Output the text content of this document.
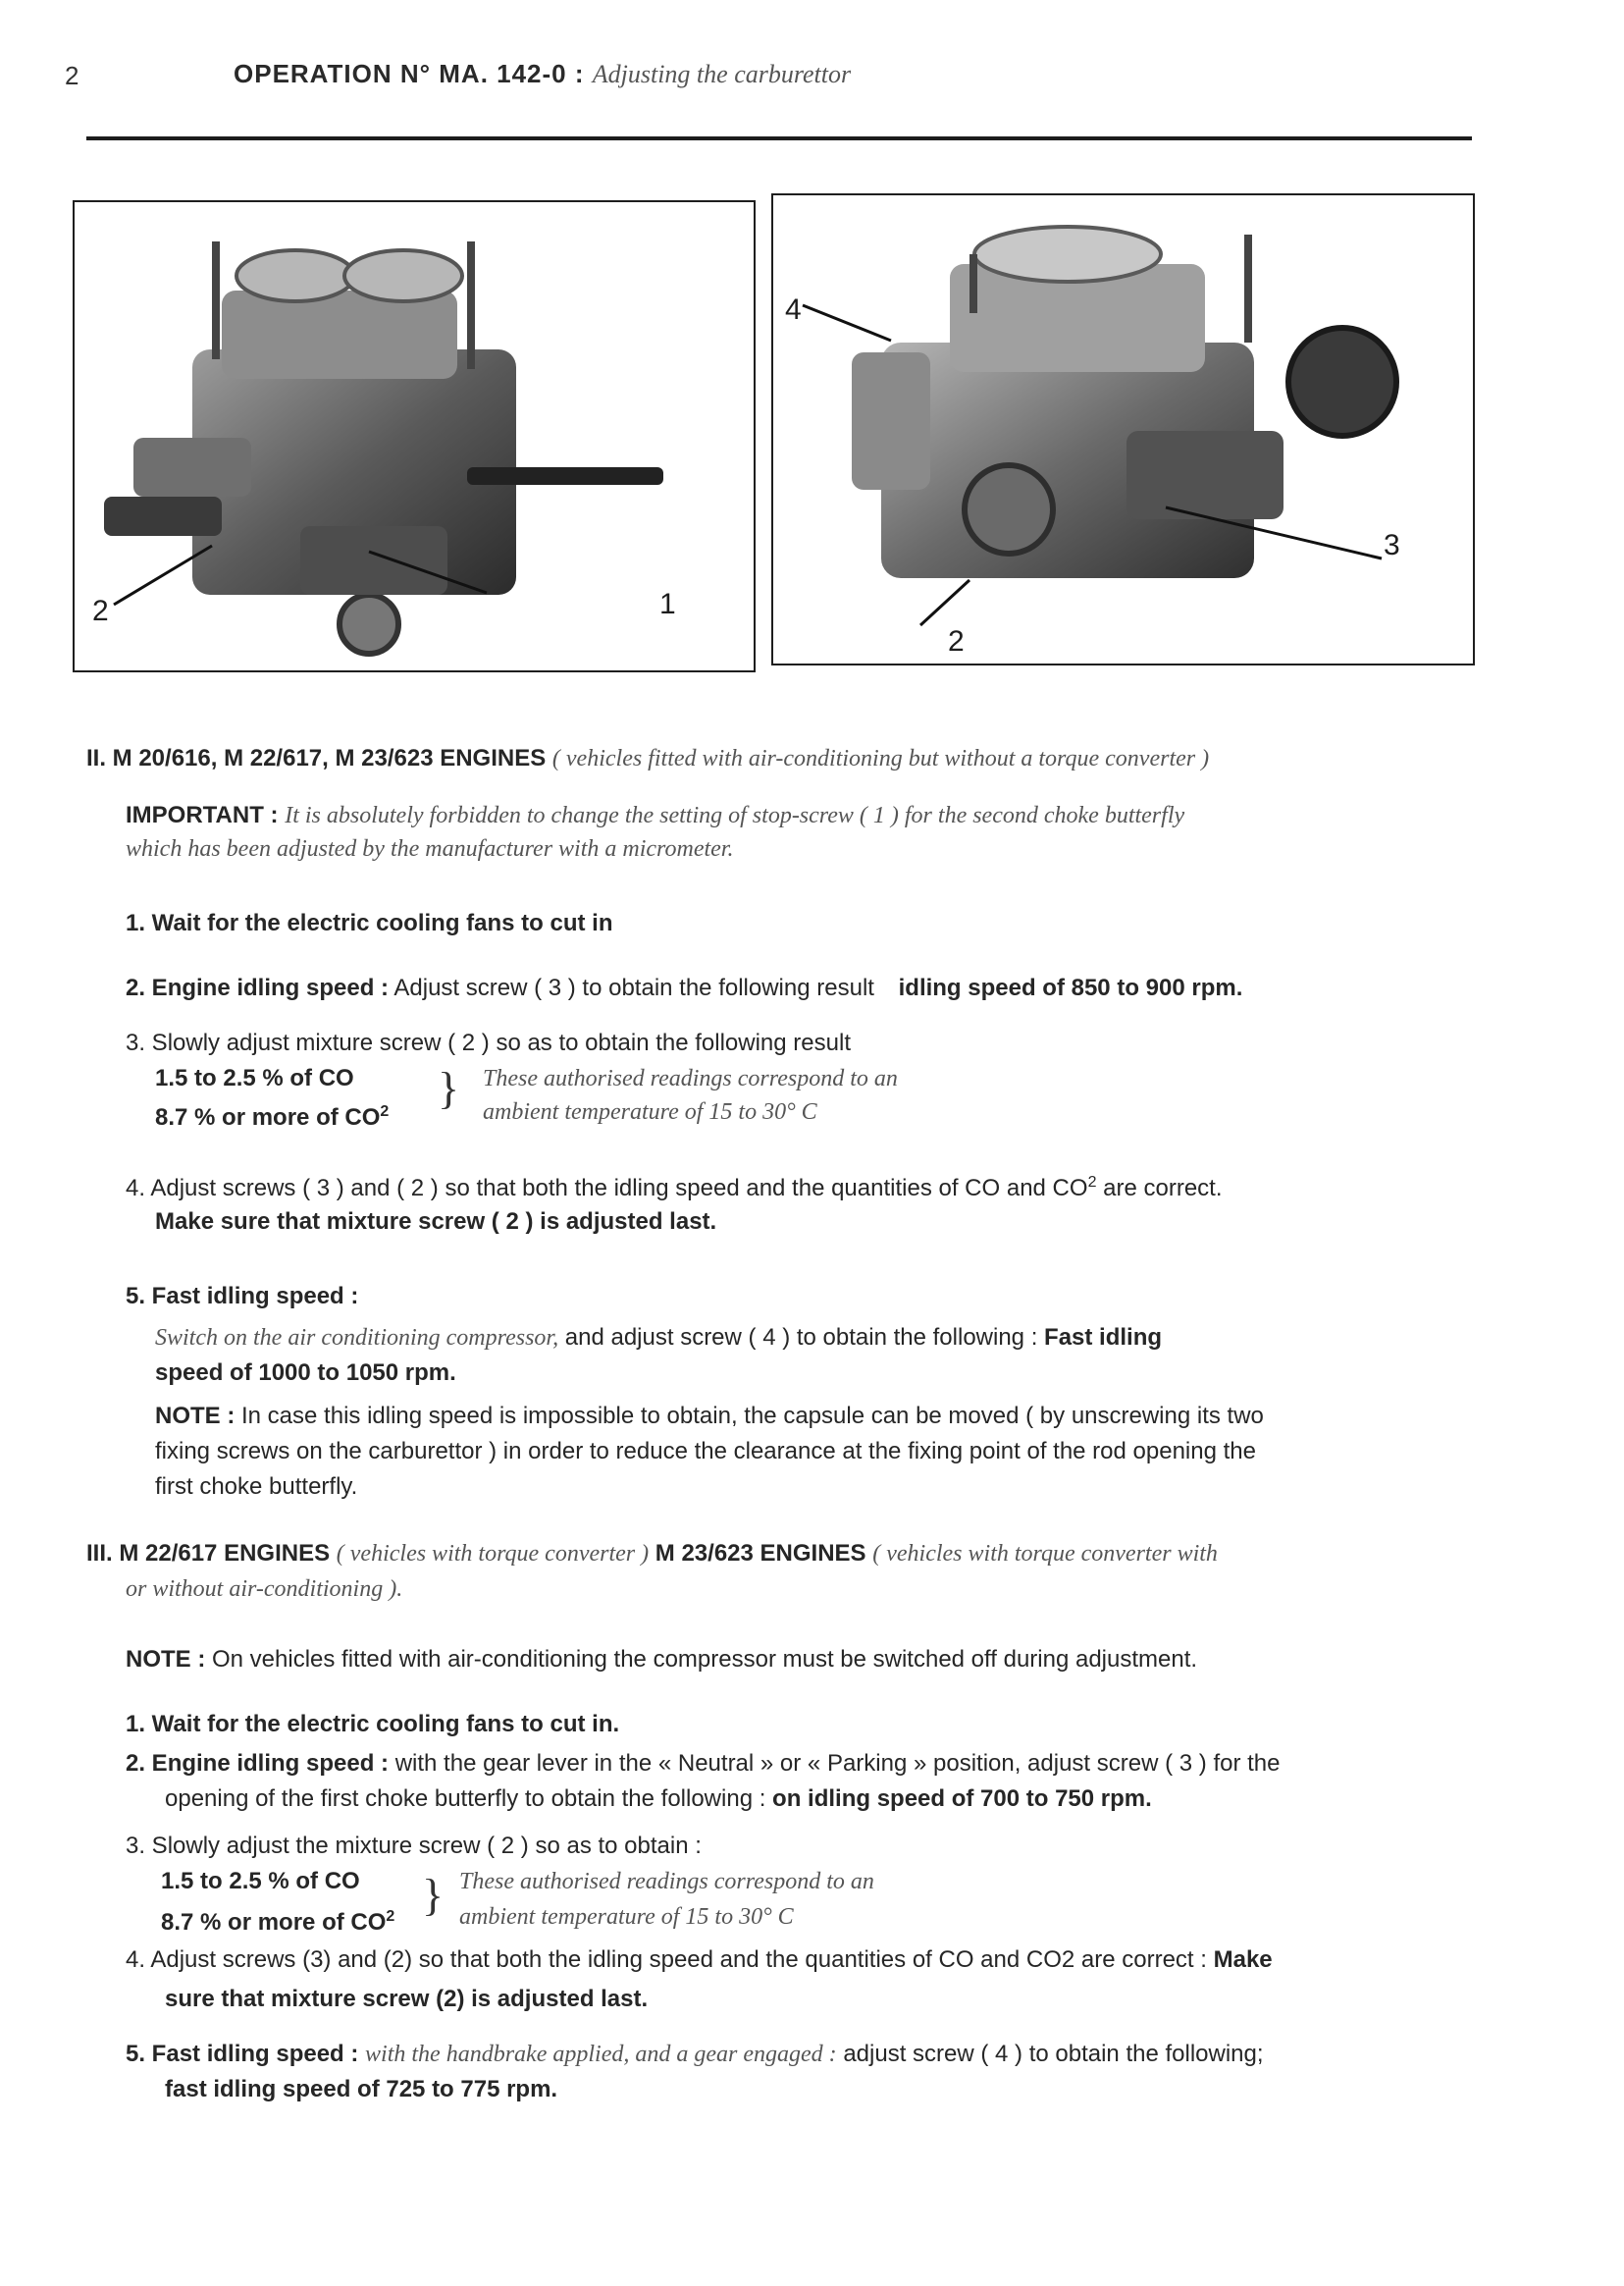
2	OPERATION N° MA. 142-0 : Adjusting the carburettor
2	1
4
3
2
II. M 20/616, M 22/617, M 23/623 ENGINES ( vehicles fitted with air-conditioning but without a torque converter )
IMPORTANT : It is absolutely forbidden to change the setting of stop-screw ( 1 ) for the second choke butterfly
which has been adjusted by the manufacturer with a micrometer.
1. Wait for the electric cooling fans to cut in
2. Engine idling speed : Adjust screw ( 3 ) to obtain the following result idling speed of 850 to 900 rpm.
3. Slowly adjust mixture screw ( 2 ) so as to obtain the following result
1.5 to 2.5 % of CO
8.7 % or more of $CO^2$ } These authorised readings correspond to an
ambient temperature of 15 to 30° C
4. Adjust screws ( 3 ) and ( 2 ) so that both the idling speed and the quantities of CO and $CO^2$ are correct.
Make sure that mixture screw ( 2 ) is adjusted last.
5. Fast idling speed :
Switch on the air conditioning compressor, and adjust screw ( 4 ) to obtain the following : Fast idling
speed of 1000 to 1050 rpm.
NOTE : In case this idling speed is impossible to obtain, the capsule can be moved ( by unscrewing its two
fixing screws on the carburettor ) in order to reduce the clearance at the fixing point of the rod opening the
first choke butterfly.
III. M 22/617 ENGINES ( vehicles with torque converter ) M 23/623 ENGINES ( vehicles with torque converter with
or without air-conditioning ).
NOTE : On vehicles fitted with air-conditioning the compressor must be switched off during adjustment.
1. Wait for the electric cooling fans to cut in.
2. Engine idling speed : with the gear lever in the « Neutral » or « Parking » position, adjust screw ( 3 ) for the
opening of the first choke butterfly to obtain the following : on idling speed of 700 to 750 rpm.
3. Slowly adjust the mixture screw ( 2 ) so as to obtain :
1.5 to 2.5 % of CO
8.7 % or more of $CO^2$ } These authorised readings correspond to an
ambient temperature of 15 to 30° C
4. Adjust screws (3) and (2) so that both the idling speed and the quantities of CO and CO2 are correct : Make
sure that mixture screw (2) is adjusted last.
5. Fast idling speed : with the handbrake applied, and a gear engaged : adjust screw ( 4 ) to obtain the following;
fast idling speed of 725 to 775 rpm.
